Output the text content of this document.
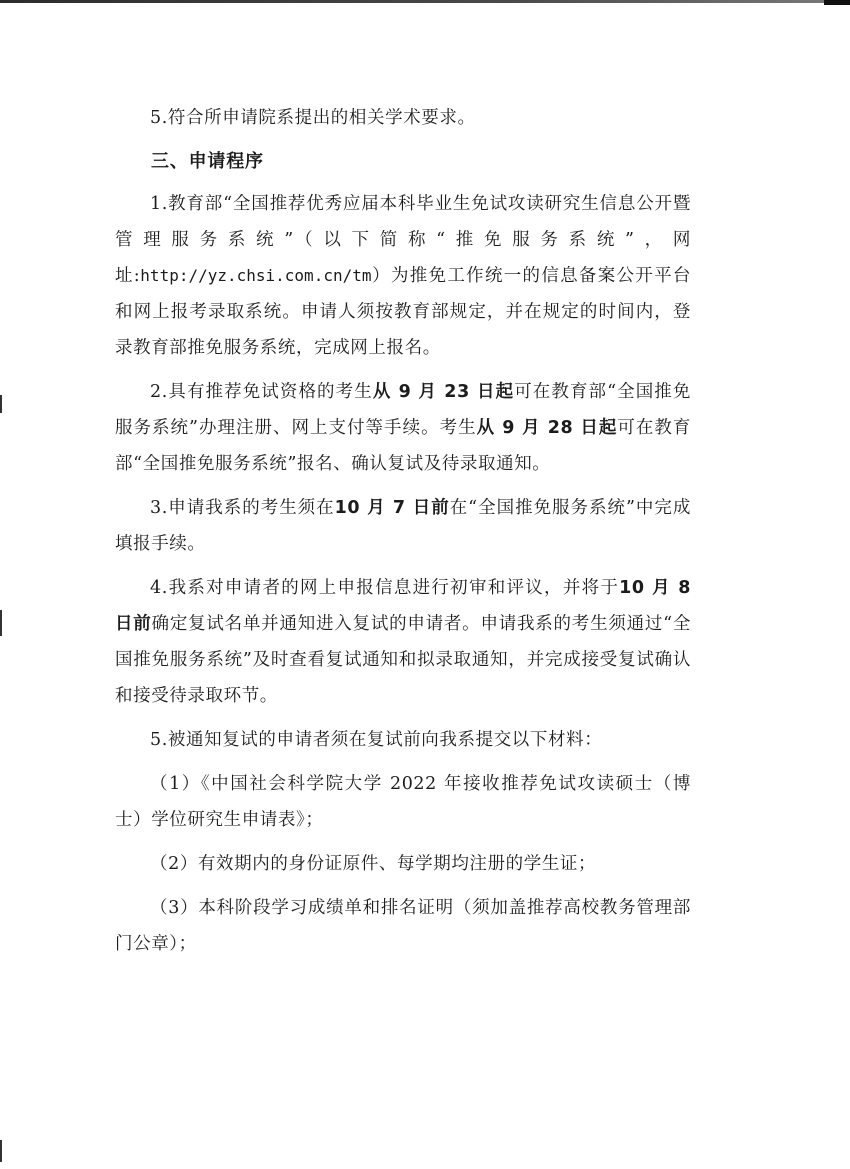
5.符合所申请院系提出的相关学术要求。

三、申请程序

1.教育部“全国推荐优秀应届本科毕业生免试攻读研究生信息公开暨管理服务系统”（以下简称“推免服务系统”，网址:http://yz.chsi.com.cn/tm）为推免工作统一的信息备案公开平台和网上报考录取系统。申请人须按教育部规定，并在规定的时间内，登录教育部推免服务系统，完成网上报名。

2.具有推荐免试资格的考生从 9 月 23 日起可在教育部“全国推免服务系统”办理注册、网上支付等手续。考生从 9 月 28 日起可在教育部“全国推免服务系统”报名、确认复试及待录取通知。

3.申请我系的考生须在10 月 7 日前在“全国推免服务系统”中完成填报手续。

4.我系对申请者的网上申报信息进行初审和评议，并将于10 月 8 日前确定复试名单并通知进入复试的申请者。申请我系的考生须通过“全国推免服务系统”及时查看复试通知和拟录取通知，并完成接受复试确认和接受待录取环节。

5.被通知复试的申请者须在复试前向我系提交以下材料：

（1）《中国社会科学院大学 2022 年接收推荐免试攻读硕士（博士）学位研究生申请表》；

（2）有效期内的身份证原件、每学期均注册的学生证；

（3）本科阶段学习成绩单和排名证明（须加盖推荐高校教务管理部门公章）；
